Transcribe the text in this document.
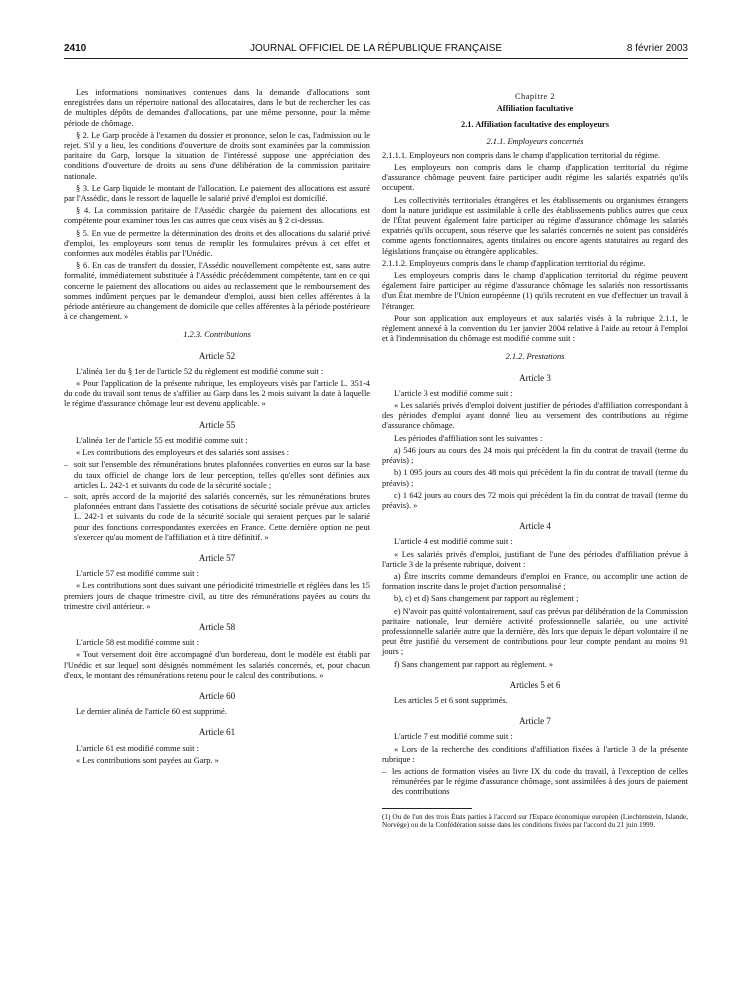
2410	JOURNAL OFFICIEL DE LA RÉPUBLIQUE FRANÇAISE	8 février 2003

Les informations nominatives contenues dans la demande d'allocations sont enregistrées dans un répertoire national des allocataires, dans le but de rechercher les cas de multiples dépôts de demandes d'allocations, par une même personne, pour la même période de chômage.

§ 2. Le Garp procède à l'examen du dossier et prononce, selon le cas, l'admission ou le rejet. S'il y a lieu, les conditions d'ouverture de droits sont examinées par la commission paritaire du Garp, lorsque la situation de l'intéressé suppose une appréciation des conditions d'ouverture de droits au sens d'une délibération de la commission paritaire nationale.

§ 3. Le Garp liquide le montant de l'allocation. Le paiement des allocations est assuré par l'Assédic, dans le ressort de laquelle le salarié privé d'emploi est domicilié.

§ 4. La commission paritaire de l'Assédic chargée du paiement des allocations est compétente pour examiner tous les cas autres que ceux visés au § 2 ci-dessus.

§ 5. En vue de permettre la détermination des droits et des allocations du salarié privé d'emploi, les employeurs sont tenus de remplir les formulaires prévus à cet effet et conformes aux modèles établis par l'Unédic.

§ 6. En cas de transfert du dossier, l'Assédic nouvellement compétente est, sans autre formalité, immédiatement substituée à l'Assédic précédemment compétente, tant en ce qui concerne le paiement des allocations ou aides au reclassement que le remboursement des sommes indûment perçues par le demandeur d'emploi, aussi bien celles afférentes à la période antérieure au changement de domicile que celles afférentes à la période postérieure à ce changement. »

1.2.3. Contributions
Article 52

L'alinéa 1er du § 1er de l'article 52 du règlement est modifié comme suit :

« Pour l'application de la présente rubrique, les employeurs visés par l'article L. 351-4 du code du travail sont tenus de s'affilier au Garp dans les 2 mois suivant la date à laquelle le régime d'assurance chômage leur est devenu applicable. »

Article 55

L'alinéa 1er de l'article 55 est modifié comme suit :

« Les contributions des employeurs et des salariés sont assises :

– soit sur l'ensemble des rémunérations brutes plafonnées converties en euros sur la base du taux officiel de change lors de leur perception, telles qu'elles sont définies aux articles L. 242-1 et suivants du code de la sécurité sociale ;
– soit, après accord de la majorité des salariés concernés, sur les rémunérations brutes plafonnées entrant dans l'assiette des cotisations de sécurité sociale prévue aux articles L. 242-1 et suivants du code de la sécurité sociale qui seraient perçues par le salarié pour des fonctions correspondantes exercées en France. Cette dernière option ne peut s'exercer qu'au moment de l'affiliation et à titre définitif. »
Article 57

L'article 57 est modifié comme suit :

« Les contributions sont dues suivant une périodicité trimestrielle et réglées dans les 15 premiers jours de chaque trimestre civil, au titre des rémunérations payées au cours du trimestre civil antérieur. »

Article 58

L'article 58 est modifié comme suit :

« Tout versement doit être accompagné d'un bordereau, dont le modèle est établi par l'Unédic et sur lequel sont désignés nommément les salariés concernés, et, pour chacun d'eux, le montant des rémunérations retenu pour le calcul des contributions. »

Article 60

Le dernier alinéa de l'article 60 est supprimé.

Article 61

L'article 61 est modifié comme suit :

« Les contributions sont payées au Garp. »

Chapitre 2
Affiliation facultative
2.1. Affiliation facultative des employeurs
2.1.1. Employeurs concernés

2.1.1.1. Employeurs non compris dans le champ d'application territorial du régime.

Les employeurs non compris dans le champ d'application territorial du régime d'assurance chômage peuvent faire participer audit régime les salariés expatriés qu'ils occupent.

Les collectivités territoriales étrangères et les établissements ou organismes étrangers dont la nature juridique est assimilable à celle des établissements publics autres que ceux de l'État peuvent également faire participer au régime d'assurance chômage les salariés expatriés qu'ils occupent, sous réserve que les salariés concernés ne soient pas considérés comme agents fonctionnaires, agents titulaires ou encore agents statutaires au regard des législations française ou étrangère applicables.

2.1.1.2. Employeurs compris dans le champ d'application territorial du régime.

Les employeurs compris dans le champ d'application territorial du régime peuvent également faire participer au régime d'assurance chômage les salariés non ressortissants d'un État membre de l'Union européenne (1) qu'ils recrutent en vue d'effectuer un travail à l'étranger.

Pour son application aux employeurs et aux salariés visés à la rubrique 2.1.1, le règlement annexé à la convention du 1er janvier 2004 relative à l'aide au retour à l'emploi et à l'indemnisation du chômage est modifié comme suit :

2.1.2. Prestations
Article 3

L'article 3 est modifié comme suit :

« Les salariés privés d'emploi doivent justifier de périodes d'affiliation correspondant à des périodes d'emploi ayant donné lieu au versement des contributions au régime d'assurance chômage.

Les périodes d'affiliation sont les suivantes :

a) 546 jours au cours des 24 mois qui précèdent la fin du contrat de travail (terme du préavis) ;

b) 1 095 jours au cours des 48 mois qui précèdent la fin du contrat de travail (terme du préavis) ;

c) 1 642 jours au cours des 72 mois qui précèdent la fin du contrat de travail (terme du préavis). »

Article 4

L'article 4 est modifié comme suit :

« Les salariés privés d'emploi, justifiant de l'une des périodes d'affiliation prévue à l'article 3 de la présente rubrique, doivent :

a) Être inscrits comme demandeurs d'emploi en France, ou accomplir une action de formation inscrite dans le projet d'action personnalisé ;

b), c) et d) Sans changement par rapport au règlement ;

e) N'avoir pas quitté volontairement, sauf cas prévus par délibération de la Commission paritaire nationale, leur dernière activité professionnelle salariée, ou une activité professionnelle salariée autre que la dernière, dès lors que depuis le départ volontaire il ne peut être justifié du versement de contributions pour leur compte pendant au moins 91 jours ;

f) Sans changement par rapport au règlement. »

Articles 5 et 6

Les articles 5 et 6 sont supprimés.

Article 7

L'article 7 est modifié comme suit :

« Lors de la recherche des conditions d'affiliation fixées à l'article 3 de la présente rubrique :

– les actions de formation visées au livre IX du code du travail, à l'exception de celles rémunérées par le régime d'assurance chômage, sont assimilées à des jours de paiement des contributions
(1) Ou de l'un des trois États parties à l'accord sur l'Espace économique européen (Liechtenstein, Islande, Norvège) ou de la Confédération suisse dans les conditions fixées par l'accord du 21 juin 1999.
